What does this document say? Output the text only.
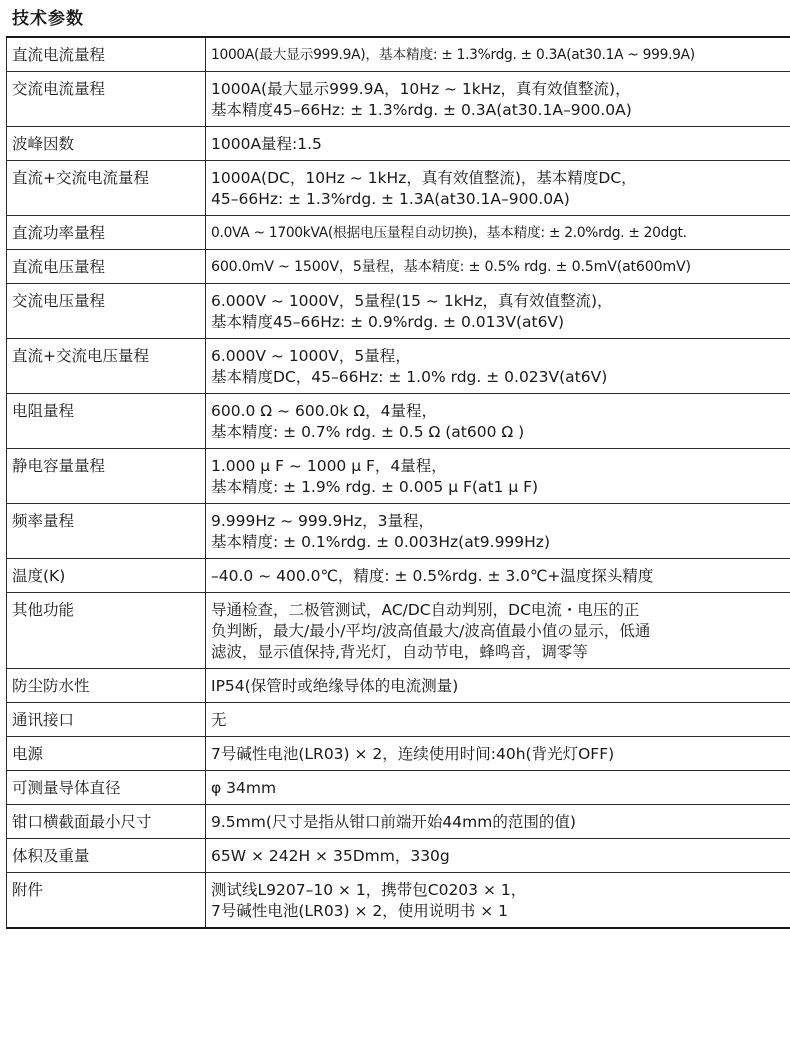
技术参数
直流电流量程	1000A(最大显示999.9A)，基本精度: ± 1.3%rdg. ± 0.3A(at30.1A ~ 999.9A)

交流电流量程	1000A(最大显示999.9A，10Hz ~ 1kHz，真有效值整流)，
基本精度45–66Hz: ± 1.3%rdg. ± 0.3A(at30.1A–900.0A)

波峰因数	1000A量程:1.5

直流+交流电流量程	1000A(DC，10Hz ~ 1kHz，真有效值整流)，基本精度DC，
45–66Hz: ± 1.3%rdg. ± 1.3A(at30.1A–900.0A)

直流功率量程	0.0VA ~ 1700kVA(根据电压量程自动切换)，基本精度: ± 2.0%rdg. ± 20dgt.

直流电压量程	600.0mV ~ 1500V，5量程，基本精度: ± 0.5% rdg. ± 0.5mV(at600mV)

交流电压量程	6.000V ~ 1000V，5量程(15 ~ 1kHz，真有效值整流)，
基本精度45–66Hz: ± 0.9%rdg. ± 0.013V(at6V)

直流+交流电压量程	6.000V ~ 1000V，5量程，
基本精度DC，45–66Hz: ± 1.0% rdg. ± 0.023V(at6V)

电阻量程	600.0 Ω ~ 600.0k Ω，4量程，
基本精度: ± 0.7% rdg. ± 0.5 Ω (at600 Ω )

静电容量量程	1.000 μ F ~ 1000 μ F，4量程，
基本精度: ± 1.9% rdg. ± 0.005 μ F(at1 μ F)

频率量程	9.999Hz ~ 999.9Hz，3量程，
基本精度: ± 0.1%rdg. ± 0.003Hz(at9.999Hz)

温度(K)	–40.0 ~ 400.0℃，精度: ± 0.5%rdg. ± 3.0℃+温度探头精度

其他功能	导通检查，二极管测试，AC/DC自动判别，DC电流・电压的正
负判断，最大/最小/平均/波高值最大/波高值最小值の显示，低通
滤波，显示值保持,背光灯，自动节电，蜂鸣音，调零等

防尘防水性	IP54(保管时或绝缘导体的电流测量)

通讯接口	无

电源	7号碱性电池(LR03) × 2，连续使用时间:40h(背光灯OFF)

可测量导体直径	φ 34mm

钳口横截面最小尺寸	9.5mm(尺寸是指从钳口前端开始44mm的范围的值)

体积及重量	65W × 242H × 35Dmm，330g

附件	测试线L9207–10 × 1，携带包C0203 × 1，
7号碱性电池(LR03) × 2，使用说明书 × 1
